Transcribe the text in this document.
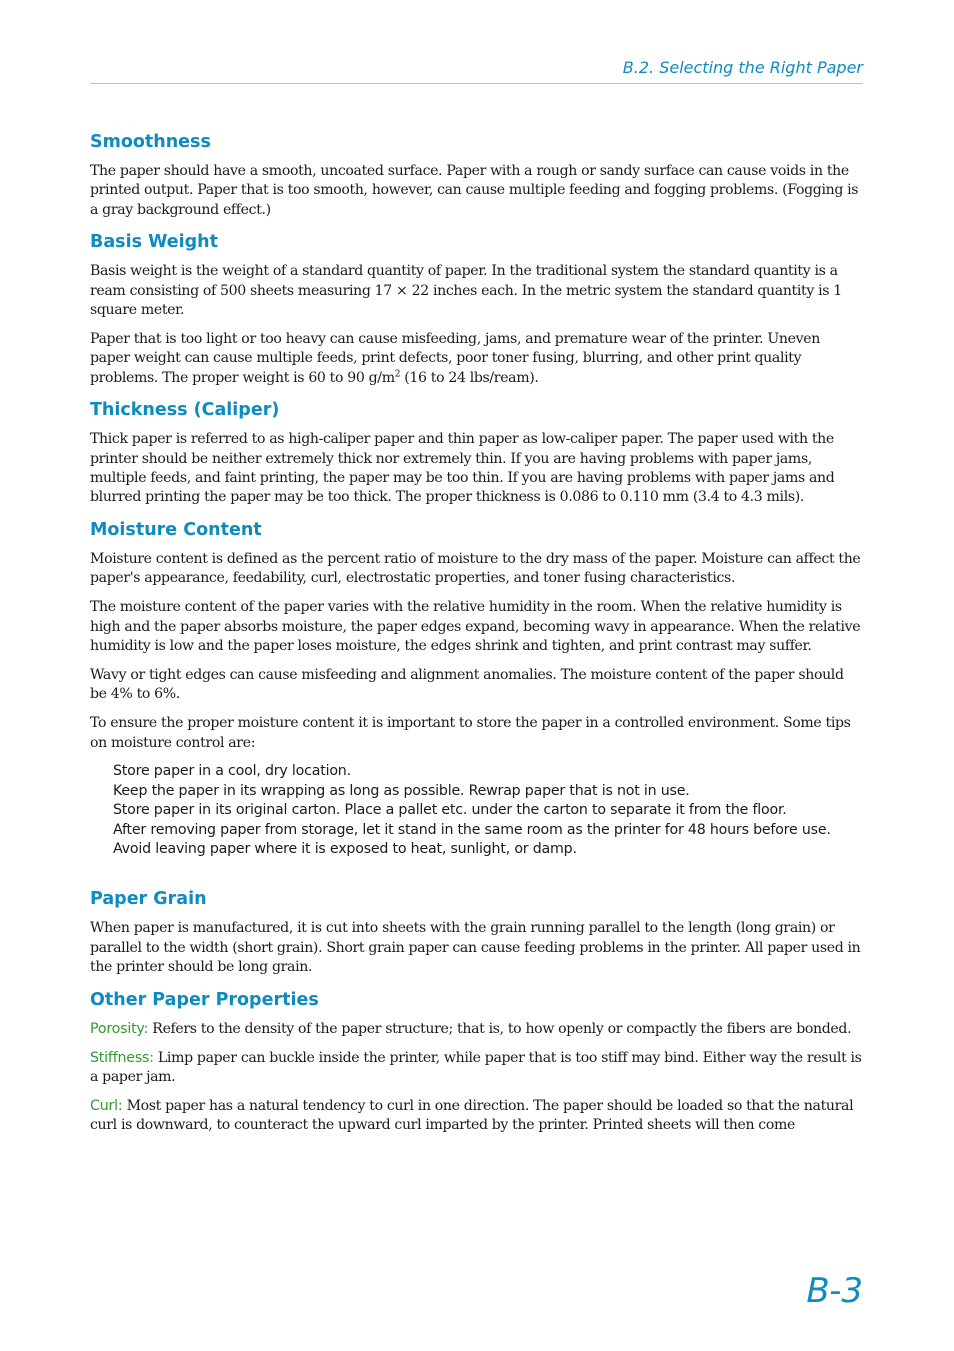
B.2. Selecting the Right Paper
Smoothness

The paper should have a smooth, uncoated surface. Paper with a rough or sandy surface can cause voids in the printed output. Paper that is too smooth, however, can cause multiple feeding and fogging problems. (Fogging is a gray background effect.)

Basis Weight

Basis weight is the weight of a standard quantity of paper. In the traditional system the standard quantity is a ream consisting of 500 sheets measuring 17 × 22 inches each. In the metric system the standard quantity is 1 square meter.

Paper that is too light or too heavy can cause misfeeding, jams, and premature wear of the printer. Uneven paper weight can cause multiple feeds, print defects, poor toner fusing, blurring, and other print quality problems. The proper weight is 60 to 90 $g/m^2$ (16 to 24 lbs/ream).

Thickness (Caliper)

Thick paper is referred to as high-caliper paper and thin paper as low-caliper paper. The paper used with the printer should be neither extremely thick nor extremely thin. If you are having problems with paper jams, multiple feeds, and faint printing, the paper may be too thin. If you are having problems with paper jams and blurred printing the paper may be too thick. The proper thickness is 0.086 to 0.110 mm (3.4 to 4.3 mils).

Moisture Content

Moisture content is defined as the percent ratio of moisture to the dry mass of the paper. Moisture can affect the paper's appearance, feedability, curl, electrostatic properties, and toner fusing characteristics.

The moisture content of the paper varies with the relative humidity in the room. When the relative humidity is high and the paper absorbs moisture, the paper edges expand, becoming wavy in appearance. When the relative humidity is low and the paper loses moisture, the edges shrink and tighten, and print contrast may suffer.

Wavy or tight edges can cause misfeeding and alignment anomalies. The moisture content of the paper should be 4% to 6%.

To ensure the proper moisture content it is important to store the paper in a controlled environment. Some tips on moisture control are:

Store paper in a cool, dry location.
Keep the paper in its wrapping as long as possible. Rewrap paper that is not in use.
Store paper in its original carton. Place a pallet etc. under the carton to separate it from the floor.
After removing paper from storage, let it stand in the same room as the printer for 48 hours before use.
Avoid leaving paper where it is exposed to heat, sunlight, or damp.
Paper Grain

When paper is manufactured, it is cut into sheets with the grain running parallel to the length (long grain) or parallel to the width (short grain). Short grain paper can cause feeding problems in the printer. All paper used in the printer should be long grain.

Other Paper Properties

Porosity: Refers to the density of the paper structure; that is, to how openly or compactly the fibers are bonded.

Stiffness: Limp paper can buckle inside the printer, while paper that is too stiff may bind. Either way the result is a paper jam.

Curl: Most paper has a natural tendency to curl in one direction. The paper should be loaded so that the natural curl is downward, to counteract the upward curl imparted by the printer. Printed sheets will then come

B-3
